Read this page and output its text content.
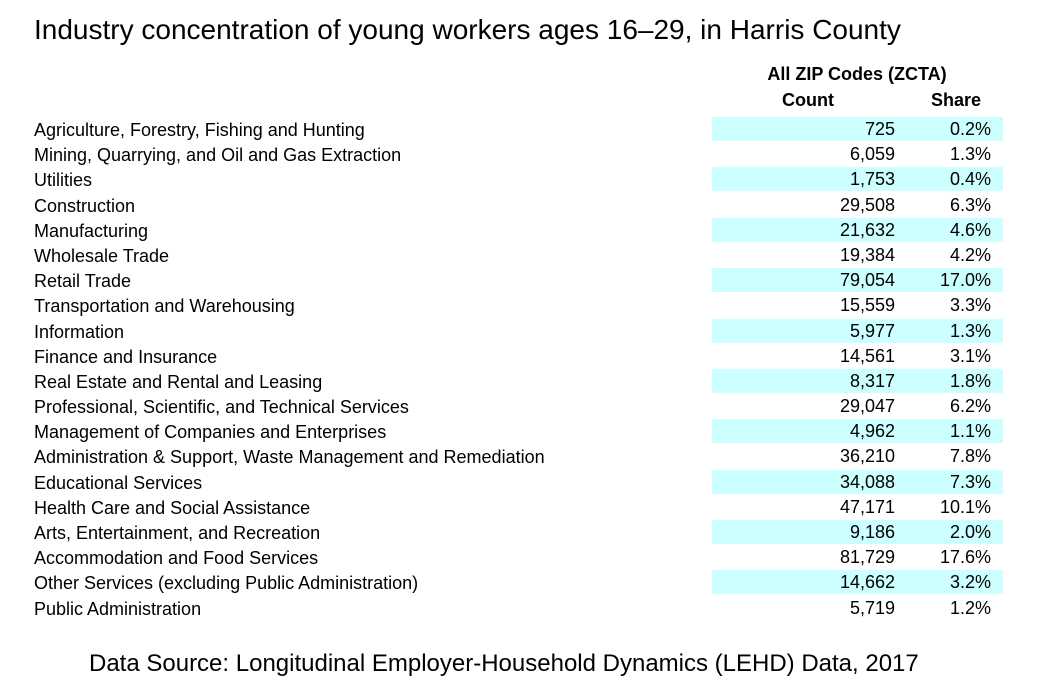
Industry concentration of young workers ages 16–29, in Harris County
All ZIP Codes (ZCTA)
Count	Share
Agriculture, Forestry, Fishing and Hunting	725	0.2%
Mining, Quarrying, and Oil and Gas Extraction	6,059	1.3%
Utilities	1,753	0.4%
Construction	29,508	6.3%
Manufacturing	21,632	4.6%
Wholesale Trade	19,384	4.2%
Retail Trade	79,054	17.0%
Transportation and Warehousing	15,559	3.3%
Information	5,977	1.3%
Finance and Insurance	14,561	3.1%
Real Estate and Rental and Leasing	8,317	1.8%
Professional, Scientific, and Technical Services	29,047	6.2%
Management of Companies and Enterprises	4,962	1.1%
Administration & Support, Waste Management and Remediation	36,210	7.8%
Educational Services	34,088	7.3%
Health Care and Social Assistance	47,171	10.1%
Arts, Entertainment, and Recreation	9,186	2.0%
Accommodation and Food Services	81,729	17.6%
Other Services (excluding Public Administration)	14,662	3.2%
Public Administration	5,719	1.2%
Data Source: Longitudinal Employer-Household Dynamics (LEHD) Data, 2017
